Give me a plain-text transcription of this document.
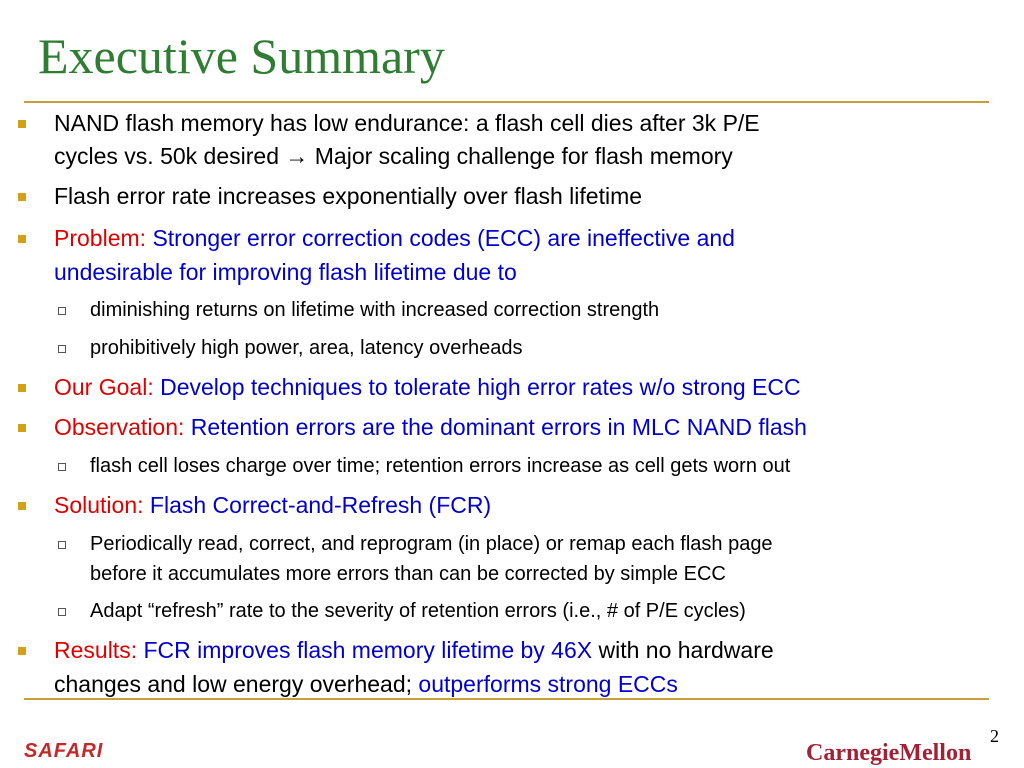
Executive Summary
NAND flash memory has low endurance: a flash cell dies after 3k P/E
cycles vs. 50k desired → Major scaling challenge for flash memory
Flash error rate increases exponentially over flash lifetime
Problem: Stronger error correction codes (ECC) are ineffective and
undesirable for improving flash lifetime due to
diminishing returns on lifetime with increased correction strength
prohibitively high power, area, latency overheads
Our Goal: Develop techniques to tolerate high error rates w/o strong ECC
Observation: Retention errors are the dominant errors in MLC NAND flash
flash cell loses charge over time; retention errors increase as cell gets worn out
Solution: Flash Correct-and-Refresh (FCR)
Periodically read, correct, and reprogram (in place) or remap each flash page
before it accumulates more errors than can be corrected by simple ECC
Adapt “refresh” rate to the severity of retention errors (i.e., # of P/E cycles)
Results: FCR improves flash memory lifetime by 46X with no hardware
changes and low energy overhead; outperforms strong ECCs
2
SAFARI	CarnegieMellon
